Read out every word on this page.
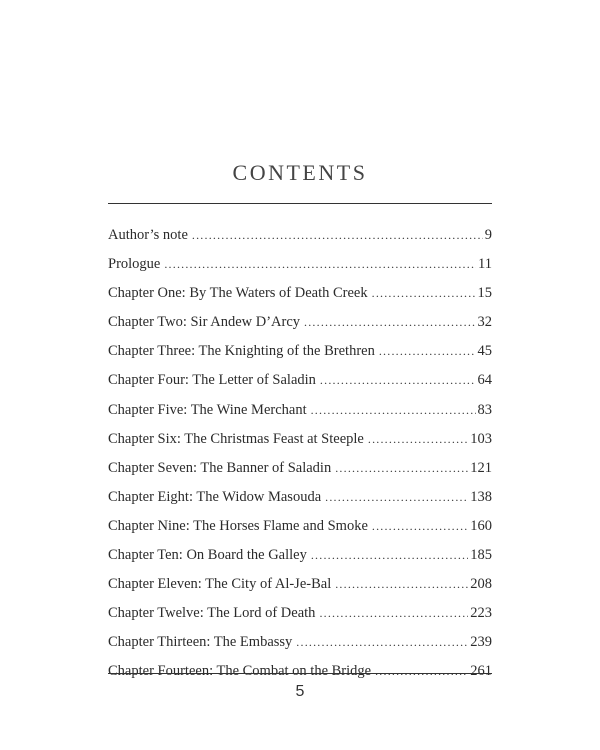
CONTENTS
Author’s note .....	9
Prologue .....	11
Chapter One: By The Waters of Death Creek .....	15
Chapter Two: Sir Andew D’Arcy .....	32
Chapter Three: The Knighting of the Brethren .....	45
Chapter Four: The Letter of Saladin .....	64
Chapter Five: The Wine Merchant .....	83
Chapter Six: The Christmas Feast at Steeple .....	103
Chapter Seven: The Banner of Saladin .....	121
Chapter Eight: The Widow Masouda .....	138
Chapter Nine: The Horses Flame and Smoke .....	160
Chapter Ten: On Board the Galley .....	185
Chapter Eleven: The City of Al-Je-Bal .....	208
Chapter Twelve: The Lord of Death .....	223
Chapter Thirteen: The Embassy .....	239
Chapter Fourteen: The Combat on the Bridge .....	261
5
